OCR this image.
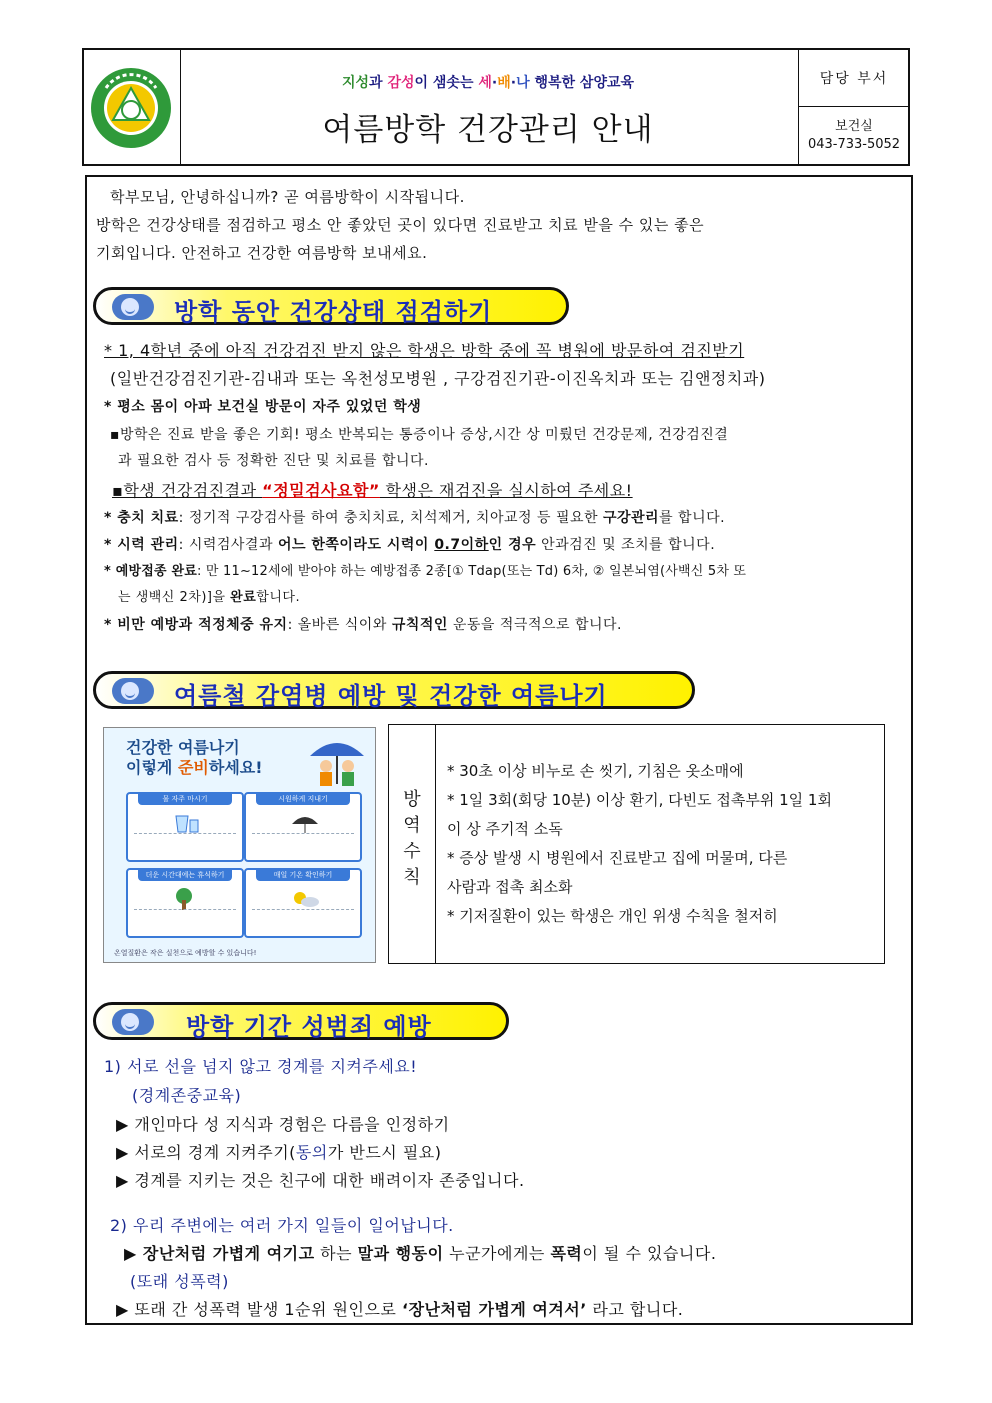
지성과 감성이 샘솟는 세·배·나 행복한 삼양교육
여름방학 건강관리 안내
담당 부서
보건실
043-733-5052
학부모님, 안녕하십니까? 곧 여름방학이 시작됩니다.
방학은 건강상태를 점검하고 평소 안 좋았던 곳이 있다면 진료받고 치료 받을 수 있는 좋은
기회입니다. 안전하고 건강한 여름방학 보내세요.
방학 동안 건강상태 점검하기
* 1, 4학년 중에 아직 건강검진 받지 않은 학생은 방학 중에 꼭 병원에 방문하여 검진받기
(일반건강검진기관-김내과 또는 옥천성모병원 , 구강검진기관-이진옥치과 또는 김앤정치과)
* 평소 몸이 아파 보건실 방문이 자주 있었던 학생
▪방학은 진료 받을 좋은 기회! 평소 반복되는 통증이나 증상,시간 상 미뤘던 건강문제, 건강검진결
과 필요한 검사 등 정확한 진단 및 치료를 합니다.
▪학생 건강검진결과 “정밀검사요함” 학생은 재검진을 실시하여 주세요!
* 충치 치료: 정기적 구강검사를 하여 충치치료, 치석제거, 치아교정 등 필요한 구강관리를 합니다.
* 시력 관리: 시력검사결과 어느 한쪽이라도 시력이 0.7이하인 경우 안과검진 및 조치를 합니다.
* 예방접종 완료: 만 11~12세에 받아야 하는 예방접종 2종[① Tdap(또는 Td) 6차, ② 일본뇌염(사백신 5차 또
는 생백신 2차)]을 완료합니다.
* 비만 예방과 적정체중 유지: 올바른 식이와 규칙적인 운동을 적극적으로 합니다.
여름철 감염병 예방 및 건강한 여름나기
건강한 여름나기
이렇게 준비하세요!
물 자주 마시기	시원하게 지내기
더운 시간대에는 휴식하기	매일 기온 확인하기
온열질환은 작은 실천으로 예방할 수 있습니다!
방
역
수
칙
* 30초 이상 비누로 손 씻기, 기침은 옷소매에
* 1일 3회(회당 10분) 이상 환기, 다빈도 접촉부위 1일 1회
이 상 주기적 소독
* 증상 발생 시 병원에서 진료받고 집에 머물며, 다른
사람과 접촉 최소화
* 기저질환이 있는 학생은 개인 위생 수칙을 철저히
방학 기간 성범죄 예방
1) 서로 선을 넘지 않고 경계를 지켜주세요!
(경계존중교육)
▶ 개인마다 성 지식과 경험은 다름을 인정하기
▶ 서로의 경계 지켜주기(동의가 반드시 필요)
▶ 경계를 지키는 것은 친구에 대한 배려이자 존중입니다.
2) 우리 주변에는 여러 가지 일들이 일어납니다.
▶ 장난처럼 가볍게 여기고 하는 말과 행동이 누군가에게는 폭력이 될 수 있습니다.
(또래 성폭력)
▶ 또래 간 성폭력 발생 1순위 원인으로 ‘장난처럼 가볍게 여겨서’ 라고 합니다.
